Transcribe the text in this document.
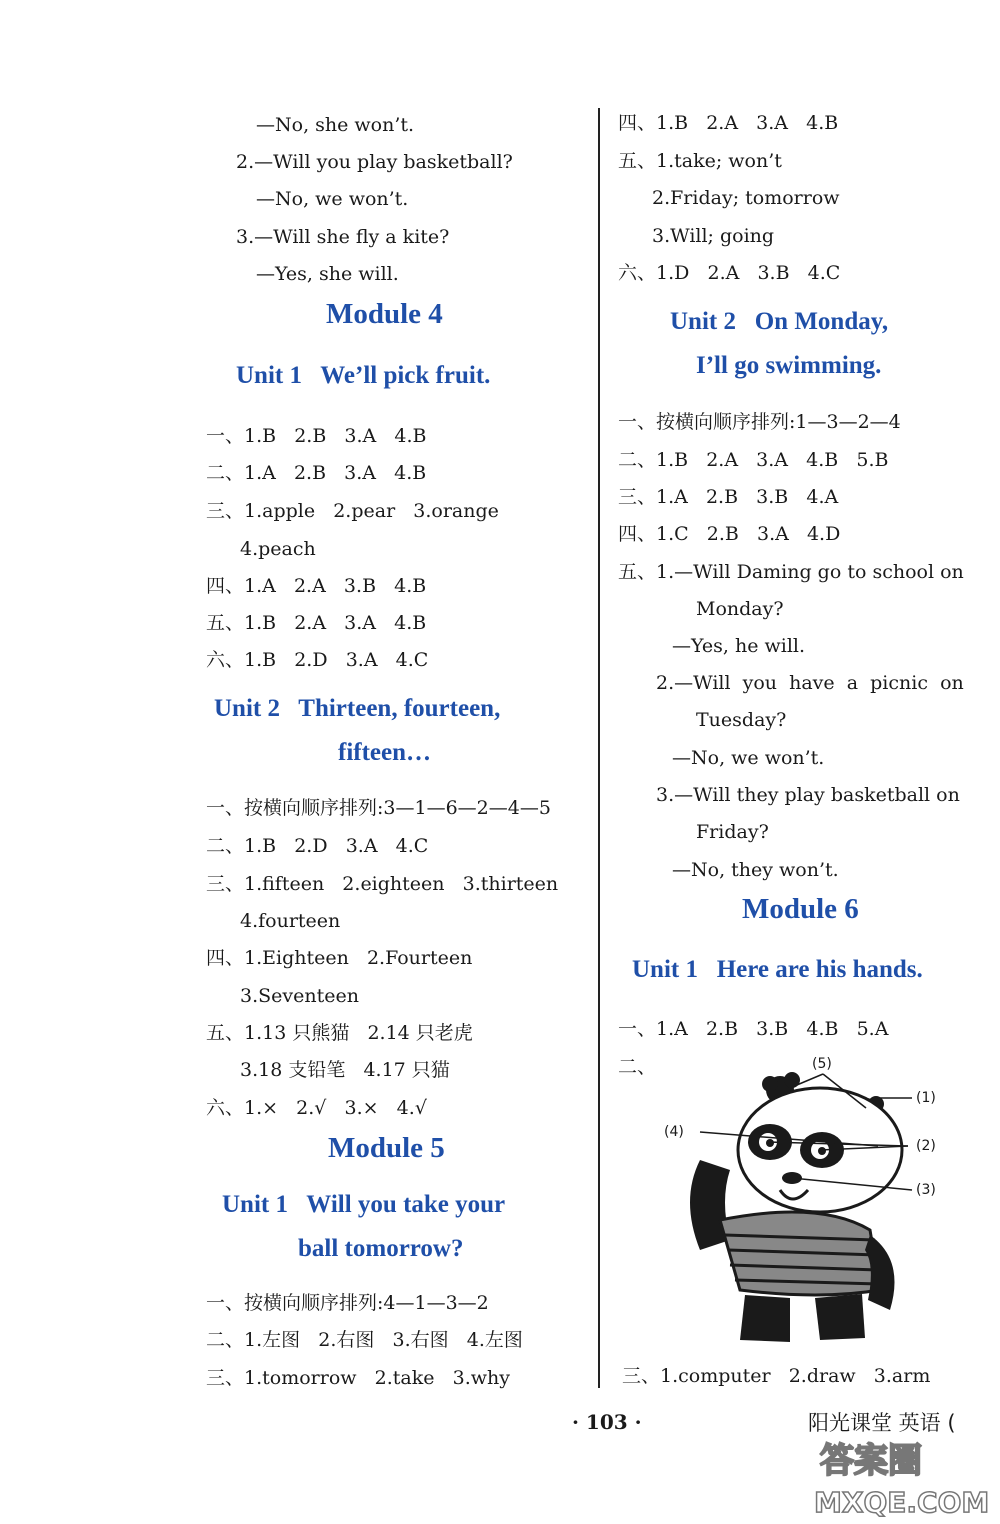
—No, she won’t.
2.—Will you play basketball?
—No, we won’t.
3.—Will she fly a kite?
—Yes, she will.
Module 4
Unit 1   We’ll pick fruit.
一、1.B   2.B   3.A   4.B
二、1.A   2.B   3.A   4.B
三、1.apple   2.pear   3.orange
4.peach
四、1.A   2.A   3.B   4.B
五、1.B   2.A   3.A   4.B
六、1.B   2.D   3.A   4.C
Unit 2   Thirteen, fourteen,
fifteen…
一、按横向顺序排列:3—1—6—2—4—5
二、1.B   2.D   3.A   4.C
三、1.fifteen   2.eighteen   3.thirteen
4.fourteen
四、1.Eighteen   2.Fourteen
3.Seventeen
五、1.13 只熊猫   2.14 只老虎
3.18 支铅笔   4.17 只猫
六、1.×   2.√   3.×   4.√
Module 5
Unit 1   Will you take your
ball tomorrow?
一、按横向顺序排列:4—1—3—2
二、1.左图   2.右图   3.右图   4.左图
三、1.tomorrow   2.take   3.why
四、1.B   2.A   3.A   4.B
五、1.take; won’t
2.Friday; tomorrow
3.Will; going
六、1.D   2.A   3.B   4.C
Unit 2   On Monday,
I’ll go swimming.
一、按横向顺序排列:1—3—2—4
二、1.B   2.A   3.A   4.B   5.B
三、1.A   2.B   3.B   4.A
四、1.C   2.B   3.A   4.D
五、1.—Will Daming go to school on
Monday?
—Yes, he will.
2.—Will  you  have  a  picnic  on
Tuesday?
—No, we won’t.
3.—Will they play basketball on
Friday?
—No, they won’t.
Module 6
Unit 1   Here are his hands.
一、1.A   2.B   3.B   4.B   5.A
二、
三、1.computer   2.draw   3.arm
(5)
(1)
(4)
(2)
(3)
· 103 ·	阳光课堂 英语 (
答案圈
MXQE.COM
